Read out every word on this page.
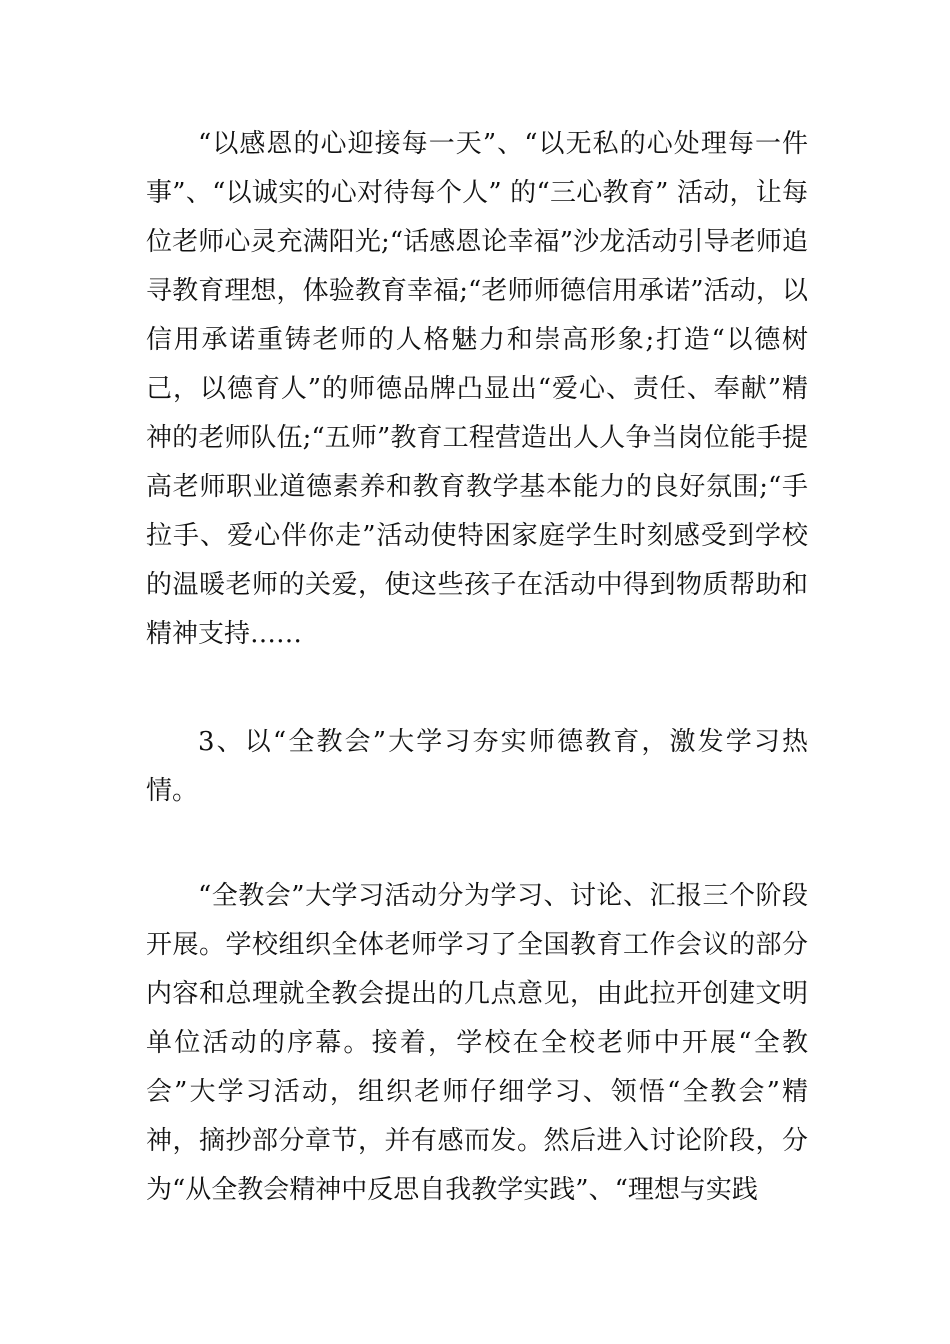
“以感恩的心迎接每一天”、“以无私的心处理每一件事”、“以诚实的心对待每个人” 的“三心教育” 活动，让每位老师心灵充满阳光;“话感恩论幸福”沙龙活动引导老师追寻教育理想，体验教育幸福;“老师师德信用承诺”活动，以信用承诺重铸老师的人格魅力和崇高形象;打造“以德树己，以德育人”的师德品牌凸显出“爱心、责任、奉献”精神的老师队伍;“五师”教育工程营造出人人争当岗位能手提高老师职业道德素养和教育教学基本能力的良好氛围;“手拉手、爱心伴你走”活动使特困家庭学生时刻感受到学校的温暖老师的关爱，使这些孩子在活动中得到物质帮助和精神支持……

3、以“全教会”大学习夯实师德教育，激发学习热情。

“全教会”大学习活动分为学习、讨论、汇报三个阶段开展。学校组织全体老师学习了全国教育工作会议的部分内容和总理就全教会提出的几点意见，由此拉开创建文明单位活动的序幕。接着，学校在全校老师中开展“全教会”大学习活动，组织老师仔细学习、领悟“全教会”精神，摘抄部分章节，并有感而发。然后进入讨论阶段，分为“从全教会精神中反思自我教学实践”、“理想与实践
